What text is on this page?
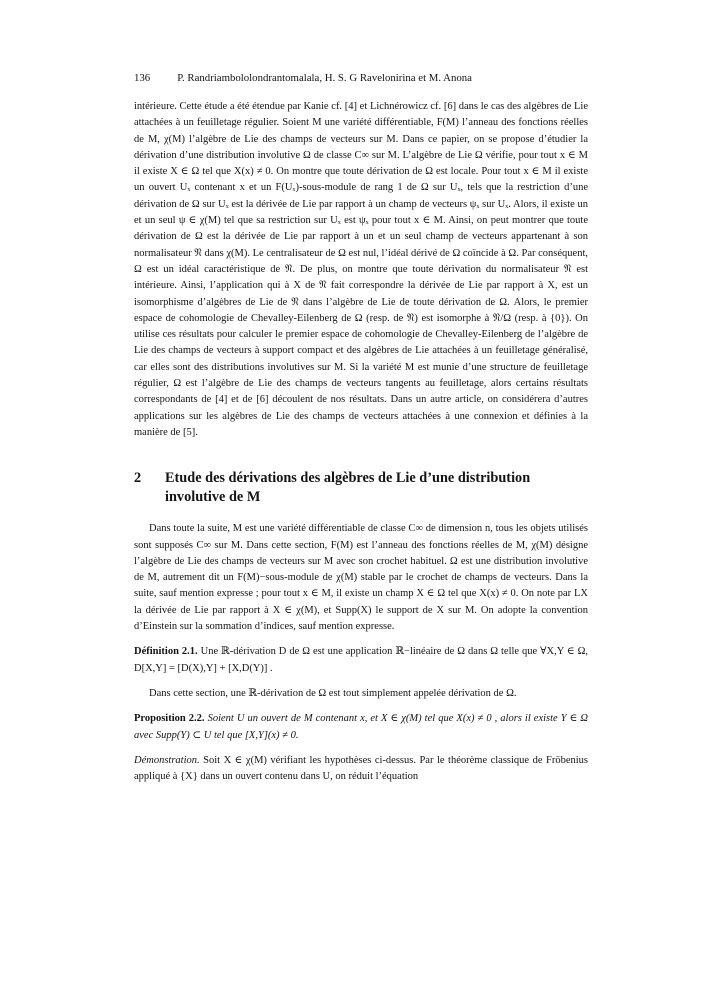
136	P. Randriambololondrantomalala, H. S. G Ravelonirina et M. Anona

intérieure. Cette étude a été étendue par Kanie cf. [4] et Lichnérowicz cf. [6] dans le cas des algèbres de Lie attachées à un feuilletage régulier. Soient M une variété différentiable, F(M) l’anneau des fonctions réelles de M, χ(M) l’algèbre de Lie des champs de vecteurs sur M. Dans ce papier, on se propose d’étudier la dérivation d’une distribution involutive Ω de classe C∞ sur M. L’algèbre de Lie Ω vérifie, pour tout x ∈ M il existe X ∈ Ω tel que X(x) ≠ 0. On montre que toute dérivation de Ω est locale. Pour tout x ∈ M il existe un ouvert Uₓ contenant x et un F(Uₓ)-sous-module de rang 1 de Ω sur Uₓ, tels que la restriction d’une dérivation de Ω sur Uₓ est la dérivée de Lie par rapport à un champ de vecteurs ψₓ sur Uₓ. Alors, il existe un et un seul ψ ∈ χ(M) tel que sa restriction sur Uₓ est ψₓ pour tout x ∈ M. Ainsi, on peut montrer que toute dérivation de Ω est la dérivée de Lie par rapport à un et un seul champ de vecteurs appartenant à son normalisateur 𝔑 dans χ(M). Le centralisateur de Ω est nul, l’idéal dérivé de Ω coïncide à Ω. Par conséquent, Ω est un idéal caractéristique de 𝔑. De plus, on montre que toute dérivation du normalisateur 𝔑 est intérieure. Ainsi, l’application qui à X de 𝔑 fait correspondre la dérivée de Lie par rapport à X, est un isomorphisme d’algèbres de Lie de 𝔑 dans l’algèbre de Lie de toute dérivation de Ω. Alors, le premier espace de cohomologie de Chevalley-Eilenberg de Ω (resp. de 𝔑) est isomorphe à 𝔑/Ω (resp. à {0}). On utilise ces résultats pour calculer le premier espace de cohomologie de Chevalley-Eilenberg de l’algèbre de Lie des champs de vecteurs à support compact et des algèbres de Lie attachées à un feuilletage généralisé, car elles sont des distributions involutives sur M. Si la variété M est munie d’une structure de feuilletage régulier, Ω est l’algèbre de Lie des champs de vecteurs tangents au feuilletage, alors certains résultats correspondants de [4] et de [6] découlent de nos résultats. Dans un autre article, on considérera d’autres applications sur les algèbres de Lie des champs de vecteurs attachées à une connexion et définies à la manière de [5].

2	Etude des dérivations des algèbres de Lie d’une distribution involutive de M

Dans toute la suite, M est une variété différentiable de classe C∞ de dimension n, tous les objets utilisés sont supposés C∞ sur M. Dans cette section, F(M) est l’anneau des fonctions réelles de M, χ(M) désigne l’algèbre de Lie des champs de vecteurs sur M avec son crochet habituel. Ω est une distribution involutive de M, autrement dit un F(M)−sous-module de χ(M) stable par le crochet de champs de vecteurs. Dans la suite, sauf mention expresse ; pour tout x ∈ M, il existe un champ X ∈ Ω tel que X(x) ≠ 0. On note par LX la dérivée de Lie par rapport à X ∈ χ(M), et Supp(X) le support de X sur M. On adopte la convention d’Einstein sur la sommation d’indices, sauf mention expresse.

Définition 2.1. Une ℝ-dérivation D de Ω est une application ℝ−linéaire de Ω dans Ω telle que ∀X,Y ∈ Ω, D[X,Y] = [D(X),Y] + [X,D(Y)] .

Dans cette section, une ℝ-dérivation de Ω est tout simplement appelée dérivation de Ω.

Proposition 2.2. Soient U un ouvert de M contenant x, et X ∈ χ(M) tel que X(x) ≠ 0 , alors il existe Y ∈ Ω avec Supp(Y) ⊂ U tel que [X,Y](x) ≠ 0.

Démonstration. Soit X ∈ χ(M) vérifiant les hypothèses ci-dessus. Par le théorème classique de Fröbenius appliqué à {X} dans un ouvert contenu dans U, on réduit l’équation
